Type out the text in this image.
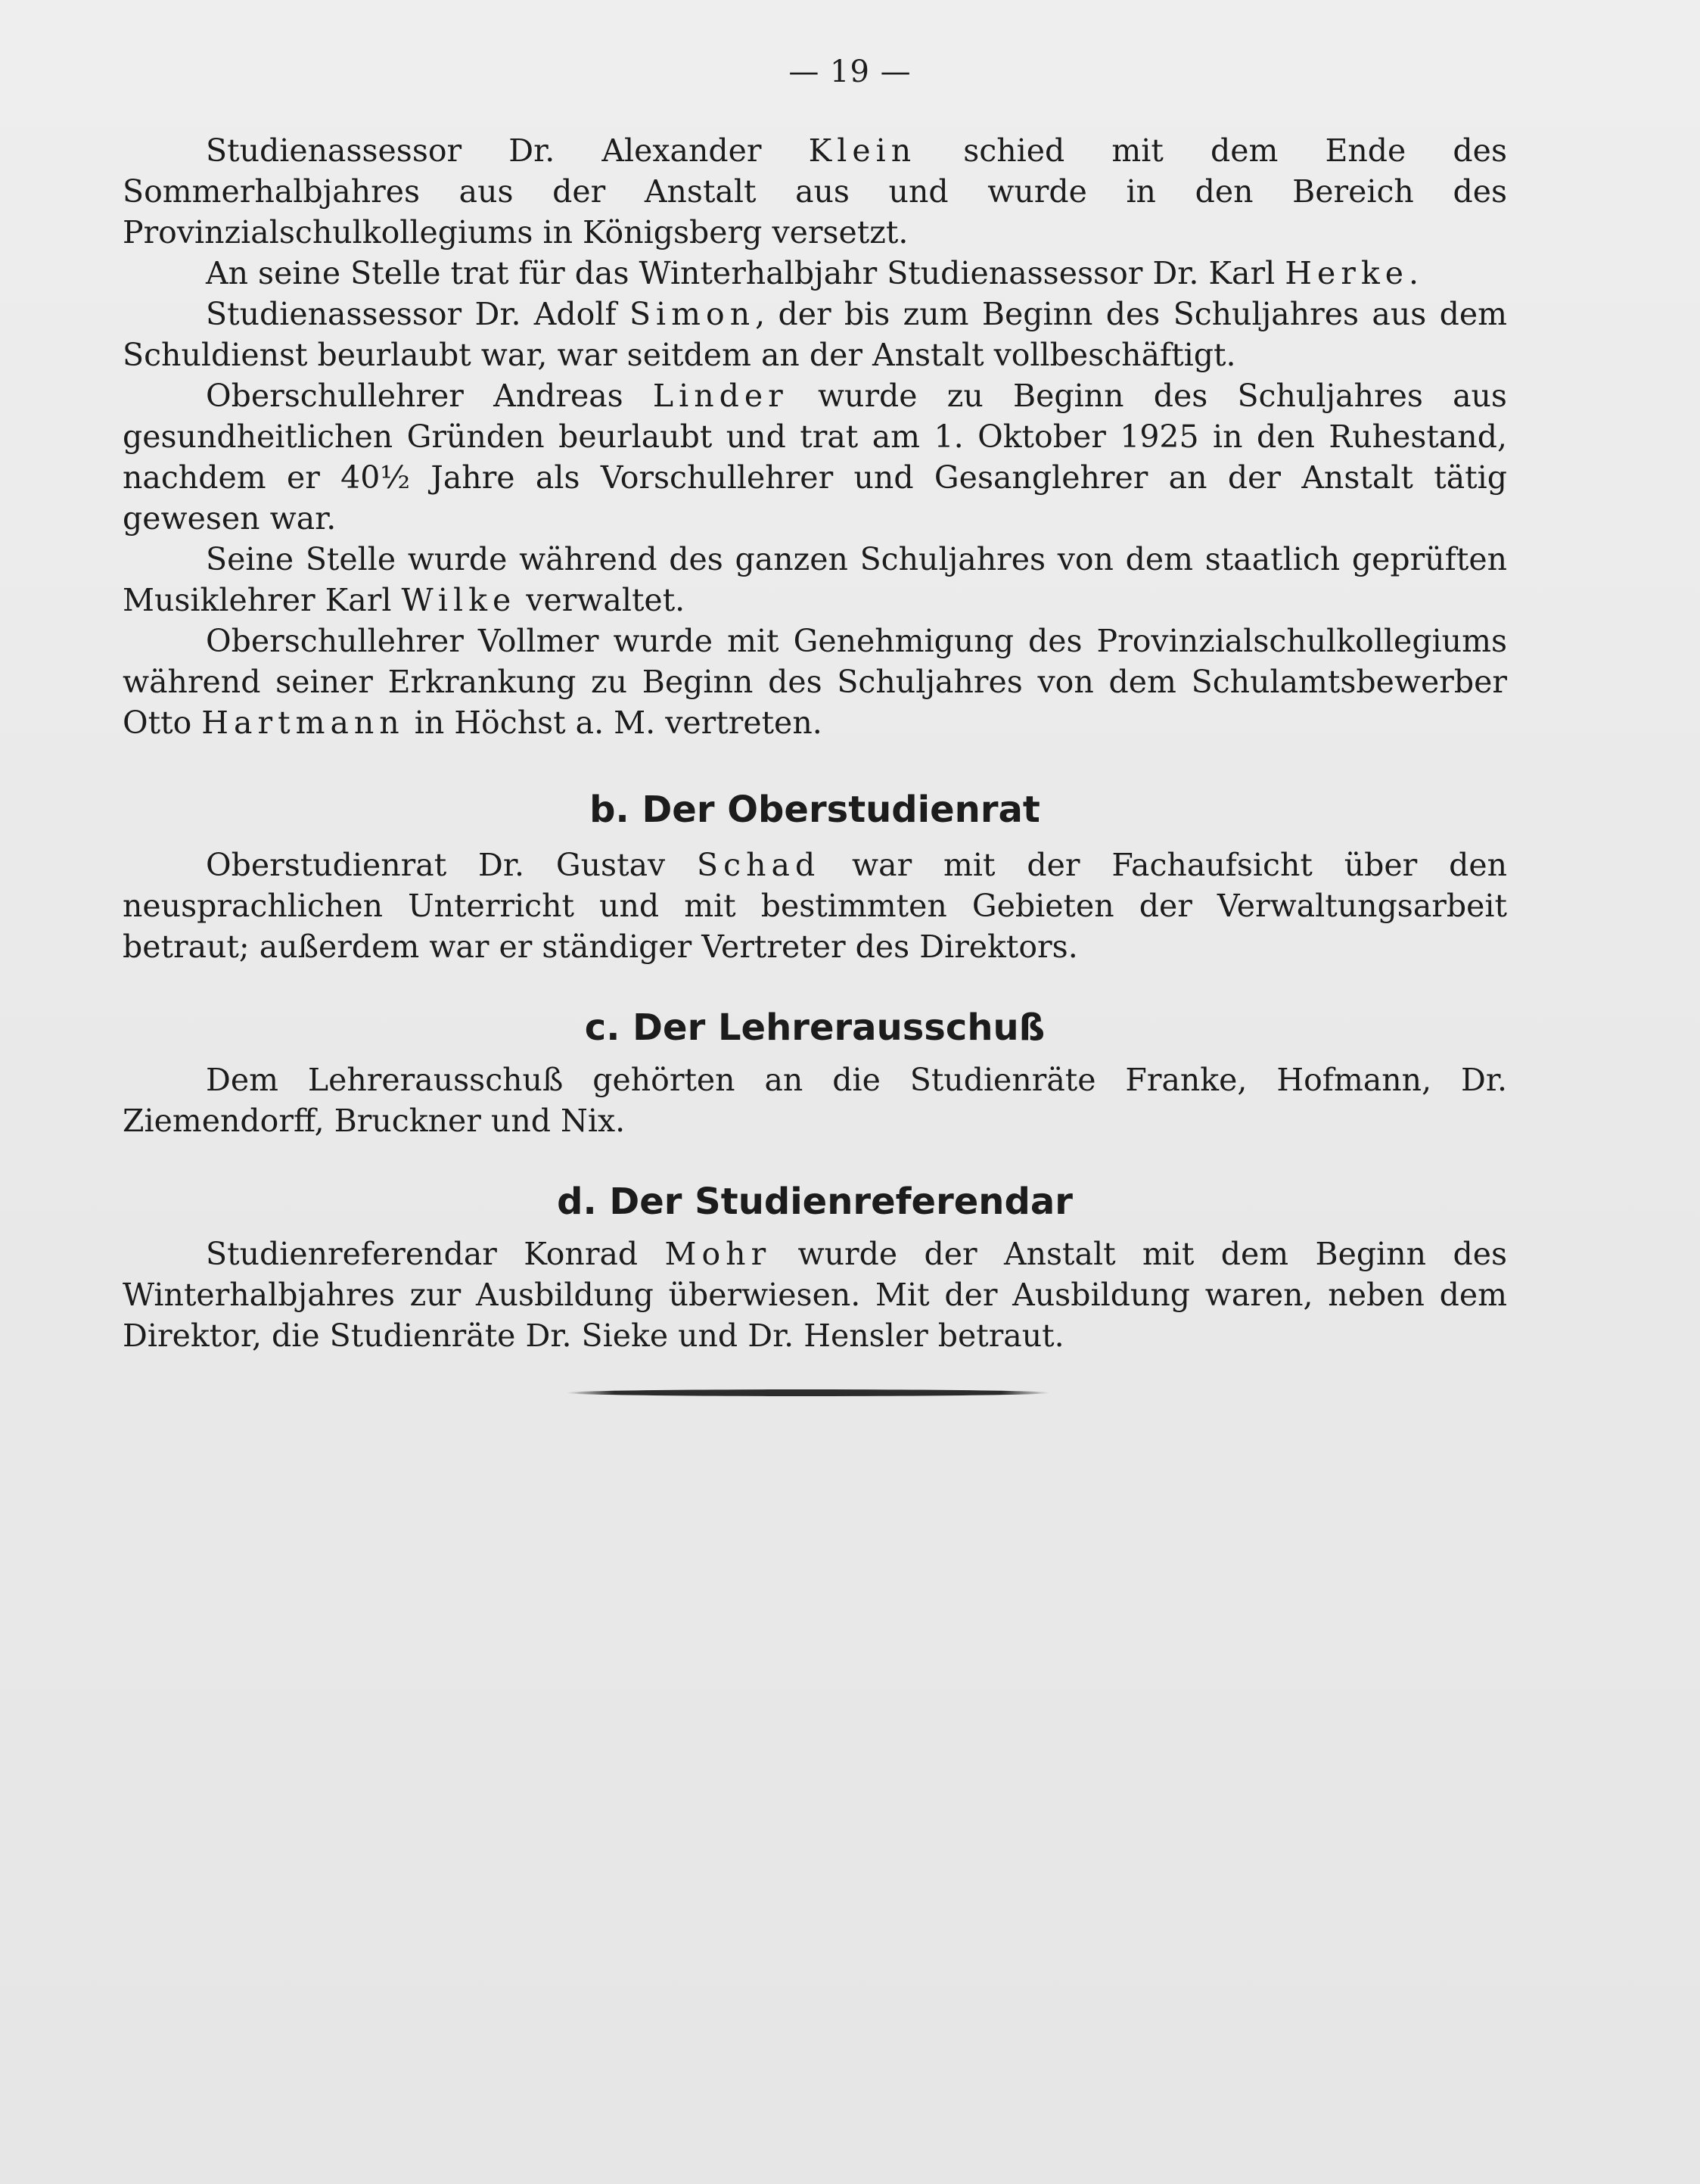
— 19 —

Studienassessor Dr. Alexander Klein schied mit dem Ende des Sommerhalbjahres aus der Anstalt aus und wurde in den Bereich des Provinzialschulkollegiums in Königsberg versetzt.

An seine Stelle trat für das Winterhalbjahr Studienassessor Dr. Karl Herke.

Studienassessor Dr. Adolf Simon, der bis zum Beginn des Schuljahres aus dem Schuldienst beurlaubt war, war seitdem an der Anstalt vollbeschäftigt.

Oberschullehrer Andreas Linder wurde zu Beginn des Schuljahres aus gesundheitlichen Gründen beurlaubt und trat am 1. Oktober 1925 in den Ruhestand, nachdem er 40½ Jahre als Vorschullehrer und Gesanglehrer an der Anstalt tätig gewesen war.

Seine Stelle wurde während des ganzen Schuljahres von dem staatlich geprüften Musiklehrer Karl Wilke verwaltet.

Oberschullehrer Vollmer wurde mit Genehmigung des Provinzialschulkollegiums während seiner Erkrankung zu Beginn des Schuljahres von dem Schulamtsbewerber Otto Hartmann in Höchst a. M. vertreten.

b. Der Oberstudienrat

Oberstudienrat Dr. Gustav Schad war mit der Fachaufsicht über den neusprachlichen Unterricht und mit bestimmten Gebieten der Verwaltungsarbeit betraut; außerdem war er ständiger Vertreter des Direktors.

c. Der Lehrerausschuß

Dem Lehrerausschuß gehörten an die Studienräte Franke, Hofmann, Dr. Ziemendorff, Bruckner und Nix.

d. Der Studienreferendar

Studienreferendar Konrad Mohr wurde der Anstalt mit dem Beginn des Winterhalbjahres zur Ausbildung überwiesen. Mit der Ausbildung waren, neben dem Direktor, die Studienräte Dr. Sieke und Dr. Hensler betraut.
